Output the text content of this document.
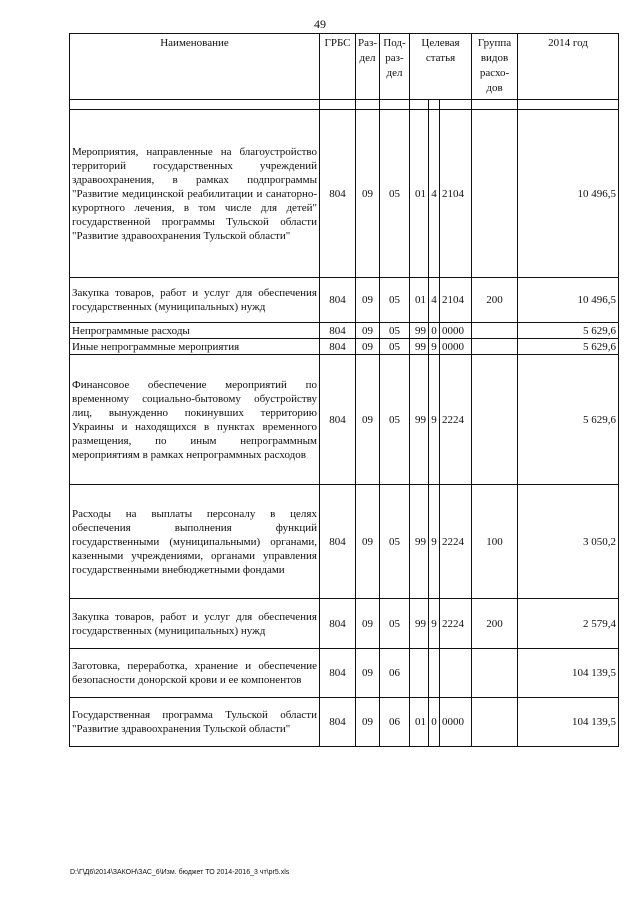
49
Наименование	ГРБС	Раз- дел	Под- раз- дел	Целевая статья			Группа видов расхо- дов	2014 год

Мероприятия, направленные на благоустройство территорий государственных учреждений здравоохранения, в рамках подпрограммы "Развитие медицинской реабилитации и санаторно-курортного лечения, в том числе для детей" государственной программы Тульской области "Развитие здравоохранения Тульской области"	804	09	05	01	4	2104		10 496,5
Закупка товаров, работ и услуг для обеспечения государственных (муниципальных) нужд	804	09	05	01	4	2104	200	10 496,5
Непрограммные расходы	804	09	05	99	0	0000		5 629,6
Иные непрограммные мероприятия	804	09	05	99	9	0000		5 629,6
Финансовое обеспечение мероприятий по временному социально-бытовому обустройству лиц, вынужденно покинувших территорию Украины и находящихся в пунктах временного размещения, по иным непрограммным мероприятиям в рамках непрограммных расходов	804	09	05	99	9	2224		5 629,6
Расходы на выплаты персоналу в целях обеспечения выполнения функций государственными (муниципальными) органами, казенными учреждениями, органами управления государственными внебюджетными фондами	804	09	05	99	9	2224	100	3 050,2
Закупка товаров, работ и услуг для обеспечения государственных (муниципальных) нужд	804	09	05	99	9	2224	200	2 579,4
Заготовка, переработка, хранение и обеспечение безопасности донорской крови и ее компонентов	804	09	06					104 139,5
Государственная программа Тульской области "Развитие здравоохранения Тульской области"	804	09	06	01	0	0000		104 139,5
D:\Г\Д6\2014\ЗАКОН\ЗАС_6\Изм. бюджет ТО 2014-2016_3 чт\pr5.xls
